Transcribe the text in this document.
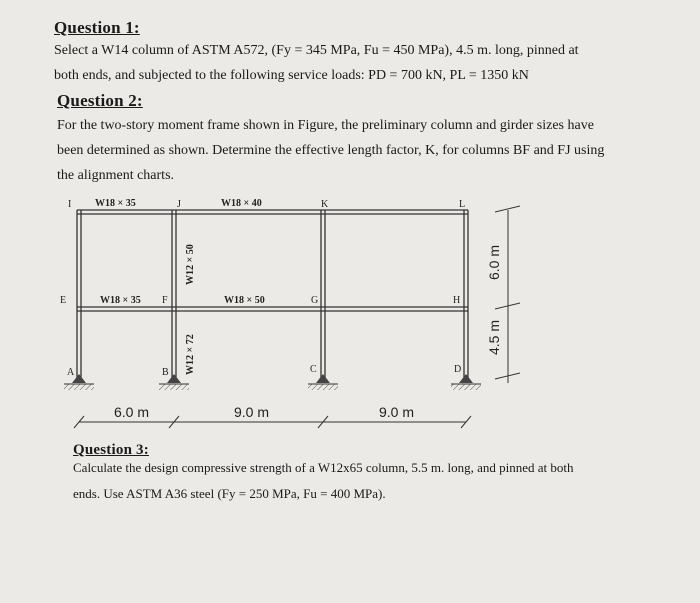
Question 1:
Select a W14 column of ASTM A572, (Fy = 345 MPa, Fu = 450 MPa), 4.5 m. long, pinned at
both ends, and subjected to the following service loads: PD = 700 kN, PL = 1350 kN
Question 2:
For the two-story moment frame shown in Figure, the preliminary column and girder sizes have
been determined as shown. Determine the effective length factor, K, for columns BF and FJ using
the alignment charts.
I	J	K	L
E	F	G	H
A	B	C	D
W18 × 35	W18 × 40
W18 × 35	W18 × 50
W12 × 50
W12 × 72
6.0 m
4.5 m
6.0 m	9.0 m	9.0 m
Question 3:
Calculate the design compressive strength of a W12x65 column, 5.5 m. long, and pinned at both
ends. Use ASTM A36 steel (Fy = 250 MPa, Fu = 400 MPa).
